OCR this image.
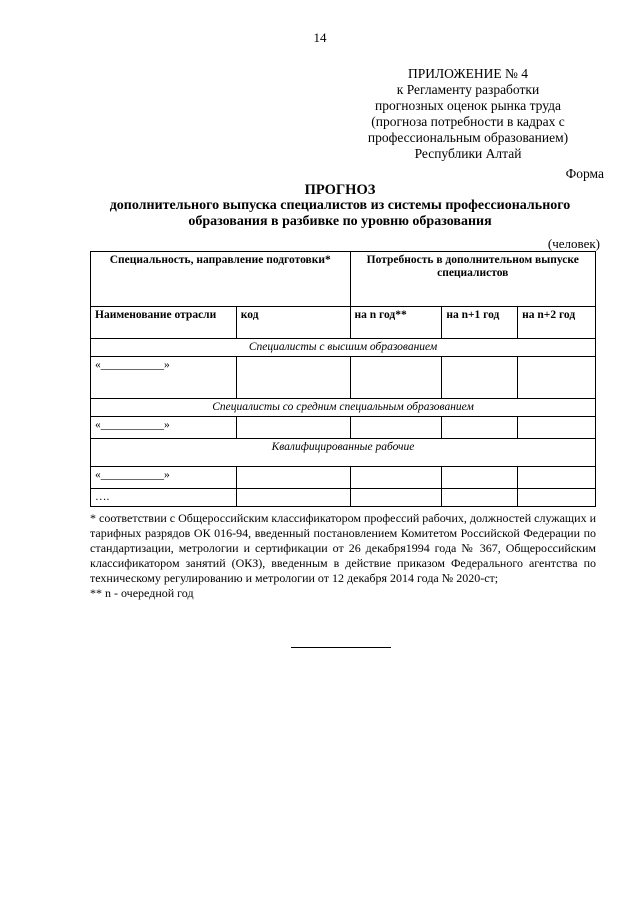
14
ПРИЛОЖЕНИЕ № 4
к Регламенту разработки
прогнозных оценок рынка труда
(прогноза потребности в кадрах с
профессиональным образованием)
Республики Алтай
Форма
ПРОГНОЗ
дополнительного выпуска специалистов из системы профессионального
образования в разбивке по уровню образования
(человек)
Специальность, направление подготовки*		Потребность в дополнительном выпуске специалистов		
Наименование отрасли	код	на n год**	на n+1 год	на n+2 год
Специалисты с высшим образованием				
«___________»				
Специалисты со средним специальным образованием				
«___________»				
Квалифицированные рабочие				
«___________»				
….				

* соответствии с Общероссийским классификатором профессий рабочих, должностей служащих и тарифных разрядов ОК 016-94, введенный постановлением Комитетом Российской Федерации по стандартизации, метрологии и сертификации от 26 декабря1994 года № 367, Общероссийским классификатором занятий (ОКЗ), введенным в действие приказом Федерального агентства по техническому регулированию и метрологии от 12 декабря 2014 года № 2020-ст;

** n - очередной год
